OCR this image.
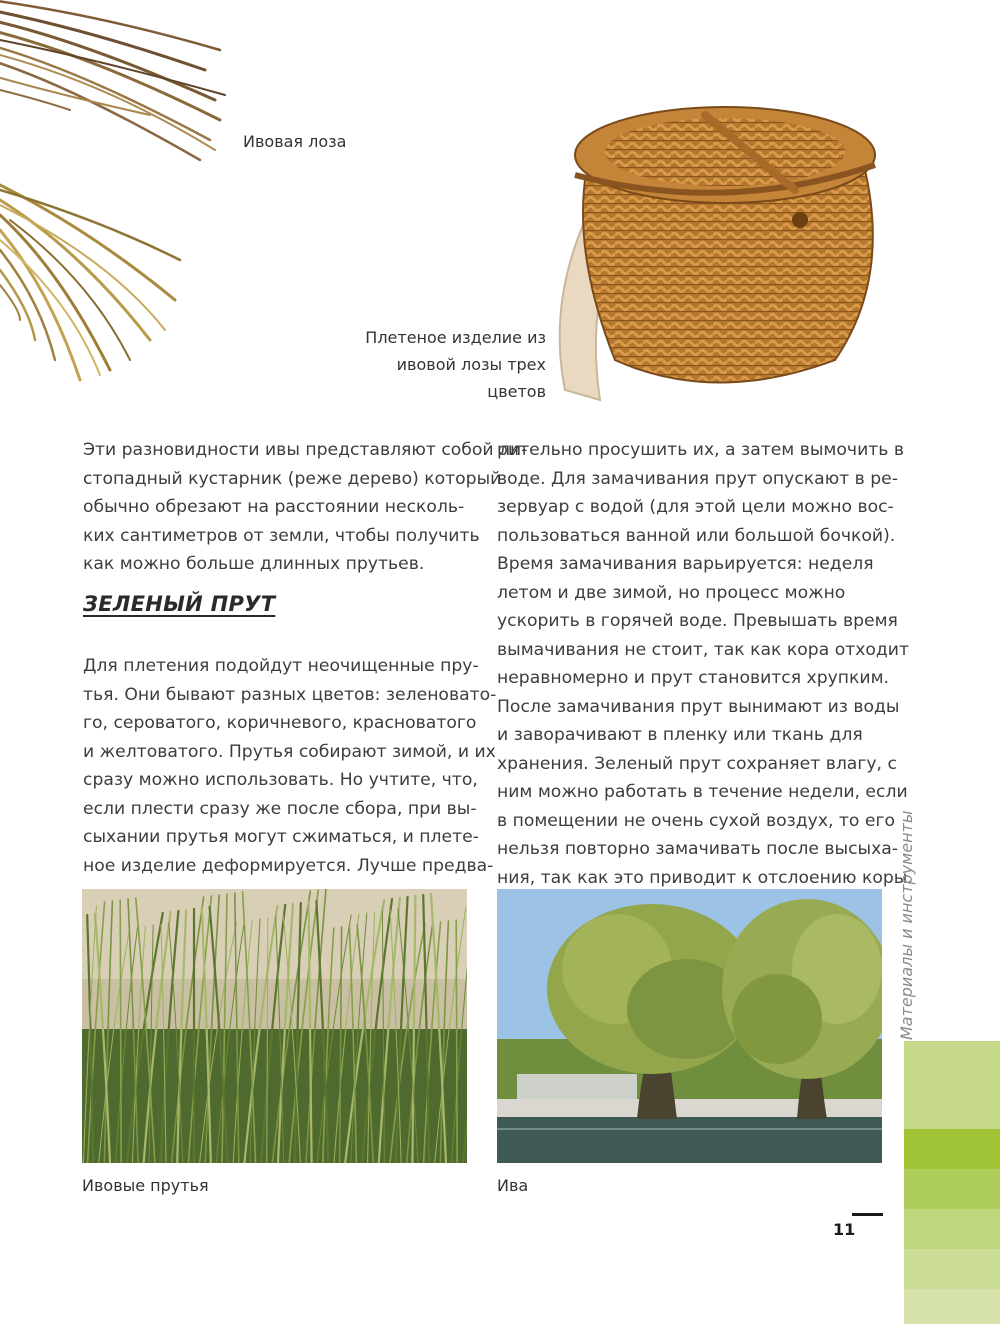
Ивовая лоза
Плетеное изделие из
ивовой лозы трех
цветов
Эти разновидности ивы представляют собой ли-
стопадный кустарник (реже дерево) который
обычно обрезают на расстоянии несколь-
ких сантиметров от земли, чтобы получить
как можно больше длинных прутьев.
ЗЕЛЕНЫЙ ПРУТ
Для плетения подойдут неочищенные пру-
тья. Они бывают разных цветов: зеленовато-
го, сероватого, коричневого, красноватого
и желтоватого. Прутья собирают зимой, и их
сразу можно использовать. Но учтите, что,
если плести сразу же после сбора, при вы-
сыхании прутья могут сжиматься, и плете-
ное изделие деформируется. Лучше предва-
рительно просушить их, а затем вымочить в
воде. Для замачивания прут опускают в ре-
зервуар с водой (для этой цели можно вос-
пользоваться ванной или большой бочкой).
Время замачивания варьируется: неделя
летом и две зимой, но процесс можно
ускорить в горячей воде. Превышать время
вымачивания не стоит, так как кора отходит
неравномерно и прут становится хрупким.
После замачивания прут вынимают из воды
и заворачивают в пленку или ткань для
хранения. Зеленый прут сохраняет влагу, с
ним можно работать в течение недели, если
в помещении не очень сухой воздух, то его
нельзя повторно замачивать после высыха-
ния, так как это приводит к отслоению коры.
Ивовые прутья	Ива
Материалы и инструменты
11
